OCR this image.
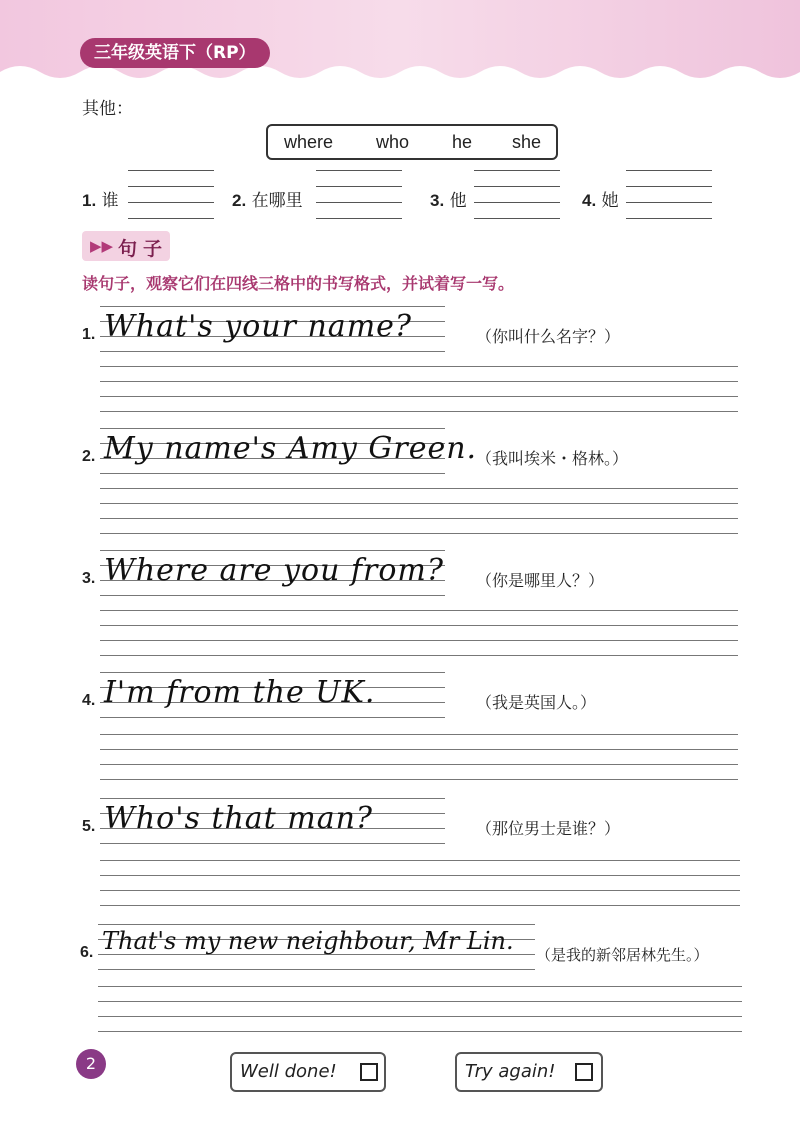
三年级英语下（RP）
其他：
where who he she
1. 谁	2. 在哪里	3. 他	4. 她
▶▶ 句子
读句子，观察它们在四线三格中的书写格式，并试着写一写。
1. What's your name?	（你叫什么名字？）
2. My name's Amy Green.
（我叫埃米・格林。）
3. Where are you from? （你是哪里人？）
4. I'm from the UK.	（我是英国人。）
5. Who's that man?	（那位男士是谁？）
6. That's my new neighbour, Mr Lin. （是我的新邻居林先生。）
2	Well done!	Try again!
